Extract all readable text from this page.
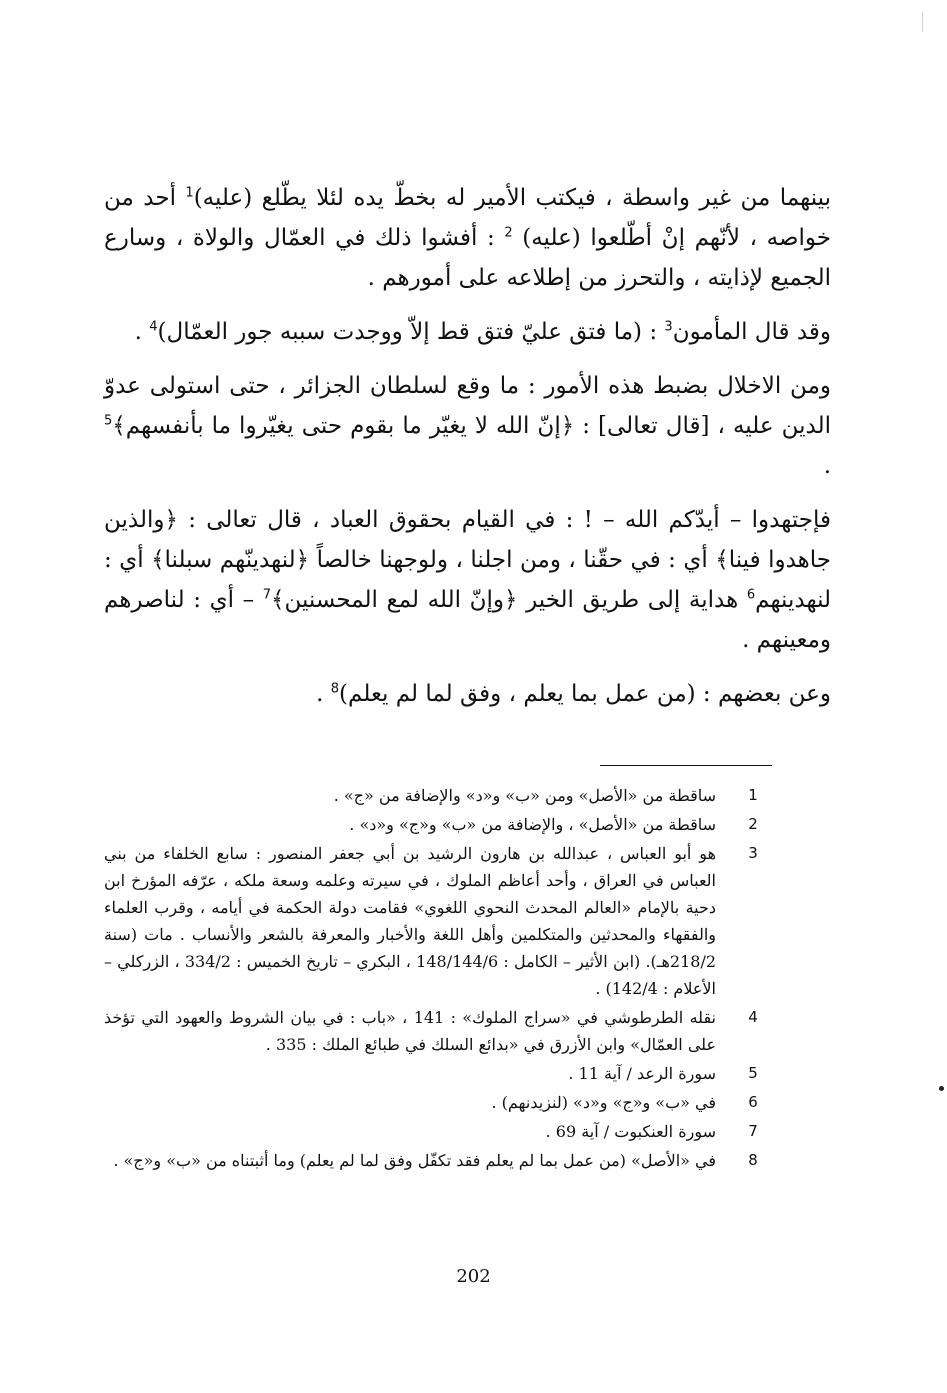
بينهما من غير واسطة ، فيكتب الأمير له بخطّ يده لئلا يطّلع (عليه)$^1$ أحد من خواصه ، لأنّهم إنْ أطّلعوا (عليه) $^2$ : أفشوا ذلك في العمّال والولاة ، وسارع الجميع لإذايته ، والتحرز من إطلاعه على أمورهم .

وقد قال المأمون$^3$ : (ما فتق عليّ فتق قط إلاّ ووجدت سببه جور العمّال)$^4$ .

ومن الاخلال بضبط هذه الأمور : ما وقع لسلطان الجزائر ، حتى استولى عدوّ الدين عليه ، [قال تعالى] : ﴿إنّ الله لا يغيّر ما بقوم حتى يغيّروا ما بأنفسهم﴾$^5$ .

فإجتهدوا – أيدّكم الله – ! : في القيام بحقوق العباد ، قال تعالى : ﴿والذين جاهدوا فينا﴾ أي : في حقّنا ، ومن اجلنا ، ولوجهنا خالصاً ﴿لنهدينّهم سبلنا﴾ أي : لنهدينهم$^6$ هداية إلى طريق الخير ﴿وإنّ الله لمع المحسنين﴾$^7$ – أي : لناصرهم ومعينهم .

وعن بعضهم : (من عمل بما يعلم ، وفق لما لم يعلم)$^8$ .

1
ساقطة من «الأصل» ومن «ب» و«د» والإضافة من «ج» .
2
ساقطة من «الأصل» ، والإضافة من «ب» و«ج» و«د» .
3
هو أبو العباس ، عبدالله بن هارون الرشيد بن أبي جعفر المنصور : سابع الخلفاء من بني العباس في العراق ، وأحد أعاظم الملوك ، في سيرته وعلمه وسعة ملكه ، عرّفه المؤرخ ابن دحية بالإمام «العالم المحدث النحوي اللغوي» فقامت دولة الحكمة في أيامه ، وقرب العلماء والفقهاء والمحدثين والمتكلمين وأهل اللغة والأخبار والمعرفة بالشعر والأنساب . مات (سنة 218/2هـ). (ابن الأثير – الكامل : 148/144/6 ، البكري – تاريخ الخميس : 334/2 ، الزركلي – الأعلام : 142/4) .
4
نقله الطرطوشي في «سراج الملوك» : 141 ، «باب : في بيان الشروط والعهود التي تؤخذ على العمّال» وابن الأزرق في «بدائع السلك في طبائع الملك : 335 .
5
سورة الرعد / آية 11 .
6
في «ب» و«ج» و«د» (لنزيدنهم) .
7
سورة العنكبوت / آية 69 .
8
في «الأصل» (من عمل بما لم يعلم فقد تكفّل وفق لما لم يعلم) وما أثبتناه من «ب» و«ج» .
202
